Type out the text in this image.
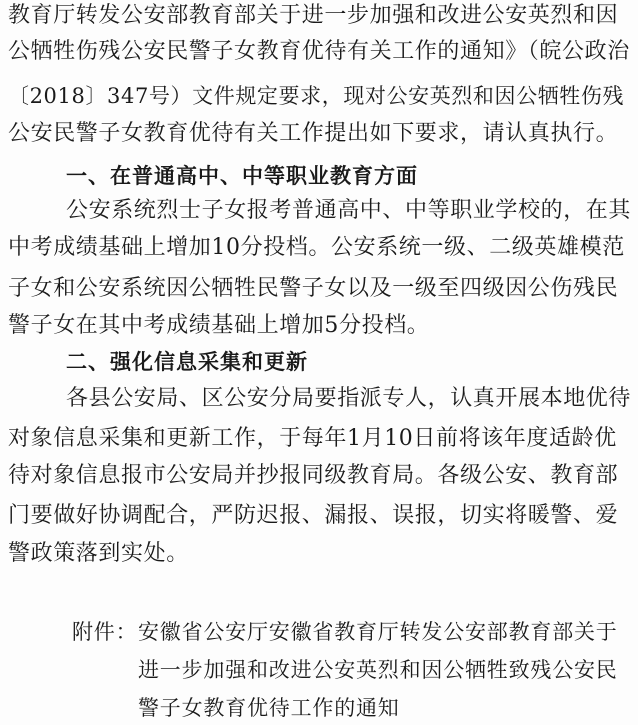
教育厅转发公安部教育部关于进一步加强和改进公安英烈和因
公牺牲伤残公安民警子女教育优待有关工作的通知》（皖公政治
〔2018〕347号）文件规定要求，现对公安英烈和因公牺牲伤残
公安民警子女教育优待有关工作提出如下要求，请认真执行。
一、在普通高中、中等职业教育方面
公安系统烈士子女报考普通高中、中等职业学校的，在其
中考成绩基础上增加10分投档。公安系统一级、二级英雄模范
子女和公安系统因公牺牲民警子女以及一级至四级因公伤残民
警子女在其中考成绩基础上增加5分投档。
二、强化信息采集和更新
各县公安局、区公安分局要指派专人，认真开展本地优待
对象信息采集和更新工作，于每年1月10日前将该年度适龄优
待对象信息报市公安局并抄报同级教育局。各级公安、教育部
门要做好协调配合，严防迟报、漏报、误报，切实将暖警、爱
警政策落到实处。
附件： 安徽省公安厅安徽省教育厅转发公安部教育部关于
进一步加强和改进公安英烈和因公牺牲致残公安民
警子女教育优待工作的通知
